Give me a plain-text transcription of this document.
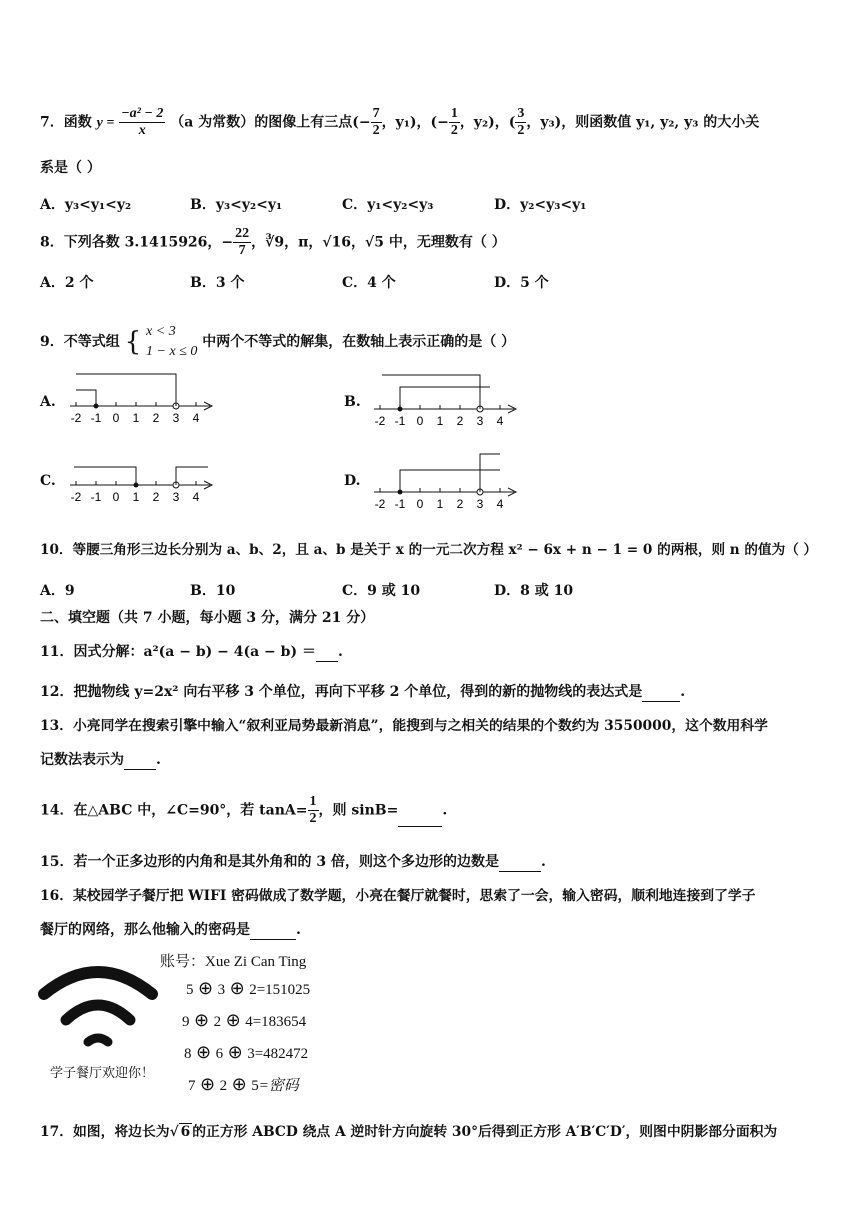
7．函数 $y = \frac{\text{−a² − 2}}{x} (a$ 为常数）的图像上有三点(− $\frac{7}{2}$ ，y₁)，(− $\frac{1}{2}$ ，y₂)，( $\frac{3}{2}$ ，y₃)，则函数值 y₁, y₂, y₃ 的大小关
系是（ ）
A．y₃<y₁<y₂	B．y₃<y₂<y₁	C．y₁<y₂<y₃	D．y₂<y₃<y₁
8．下列各数 3.1415926，− $\frac{22}{7}$ ，∛9，π，√16，√5 中，无理数有（ ）
A．2 个	B．3 个	C．4 个	D．5 个
9．不等式组 { x < 3
1 − x ≤ 0
中两个不等式的解集，在数轴上表示正确的是（ ）
A.	B.
C.	D.
-2 -1 0 1 2 3 4	-2 -1 0 1 2 3 4
-2 -1 0 1 2 3 4	-2 -1 0 1 2 3 4
10．等腰三角形三边长分别为 a、b、2，且 a、b 是关于 x 的一元二次方程 x² − 6x + n − 1 = 0 的两根，则 n 的值为（ ）
A．9	B．10	C．9 或 10	D．8 或 10
二、填空题（共 7 小题，每小题 3 分，满分 21 分）
11．因式分解：a²(a − b) − 4(a − b) ＝ .
12．把抛物线 y=2x² 向右平移 3 个单位，再向下平移 2 个单位，得到的新的抛物线的表达式是	.
13．小亮同学在搜索引擎中输入“叙利亚局势最新消息”，能搜到与之相关的结果的个数约为 3550000，这个数用科学
记数法表示为 .
14．在△ABC 中，∠C=90°，若 $\tan A= \frac{1}{2}$ ，则 sinB=	.
15．若一个正多边形的内角和是其外角和的 3 倍，则这个多边形的边数是	.
16．某校园学子餐厅把 WIFI 密码做成了数学题，小亮在餐厅就餐时，思索了一会，输入密码，顺利地连接到了学子
餐厅的网络，那么他输入的密码是	.
学子餐厅欢迎你！
账号：Xue Zi Can Ting
5 ⊕ 3 ⊕ 2=151025
9 ⊕ 2 ⊕ 4=183654
8 ⊕ 6 ⊕ 3=482472
7 ⊕ 2 ⊕ 5=密码
17．如图，将边长为√ 6 的正方形 ABCD 绕点 A 逆时针方向旋转 30°后得到正方形 A′B′C′D′，则图中阴影部分面积为
